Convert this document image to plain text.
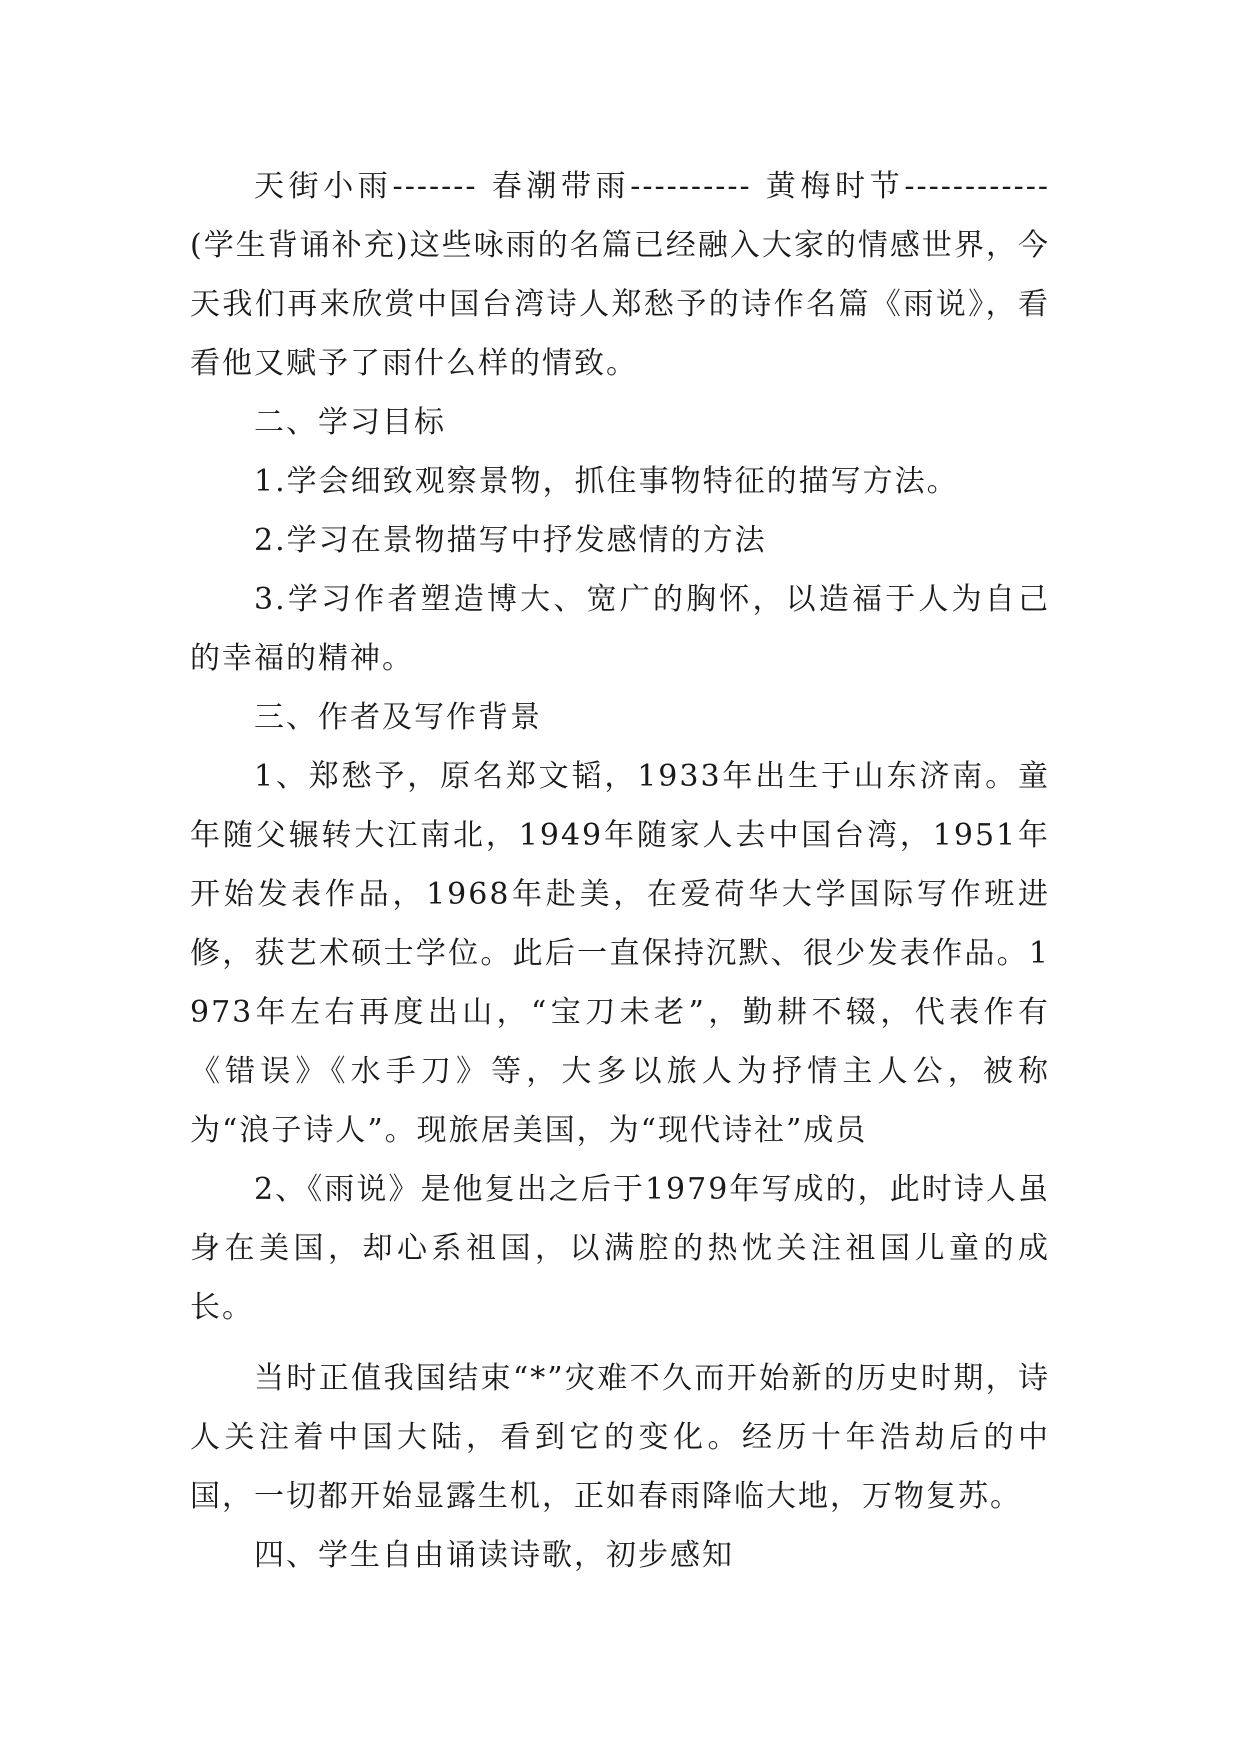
天街小雨------- 春潮带雨---------- 黄梅时节------------(学生背诵补充)这些咏雨的名篇已经融入大家的情感世界，今天我们再来欣赏中国台湾诗人郑愁予的诗作名篇《雨说》，看看他又赋予了雨什么样的情致。

二、学习目标

1.学会细致观察景物，抓住事物特征的描写方法。

2.学习在景物描写中抒发感情的方法

3.学习作者塑造博大、宽广的胸怀，以造福于人为自己的幸福的精神。

三、作者及写作背景

1、郑愁予，原名郑文韬，1933年出生于山东济南。童年随父辗转大江南北，1949年随家人去中国台湾，1951年开始发表作品，1968年赴美，在爱荷华大学国际写作班进修，获艺术硕士学位。此后一直保持沉默、很少发表作品。1973年左右再度出山，“宝刀未老”，勤耕不辍，代表作有《错误》《水手刀》等，大多以旅人为抒情主人公，被称为“浪子诗人”。现旅居美国，为“现代诗社”成员

2、《雨说》是他复出之后于1979年写成的，此时诗人虽身在美国，却心系祖国，以满腔的热忱关注祖国儿童的成长。

当时正值我国结束“*”灾难不久而开始新的历史时期，诗人关注着中国大陆，看到它的变化。经历十年浩劫后的中国，一切都开始显露生机，正如春雨降临大地，万物复苏。

四、学生自由诵读诗歌，初步感知
